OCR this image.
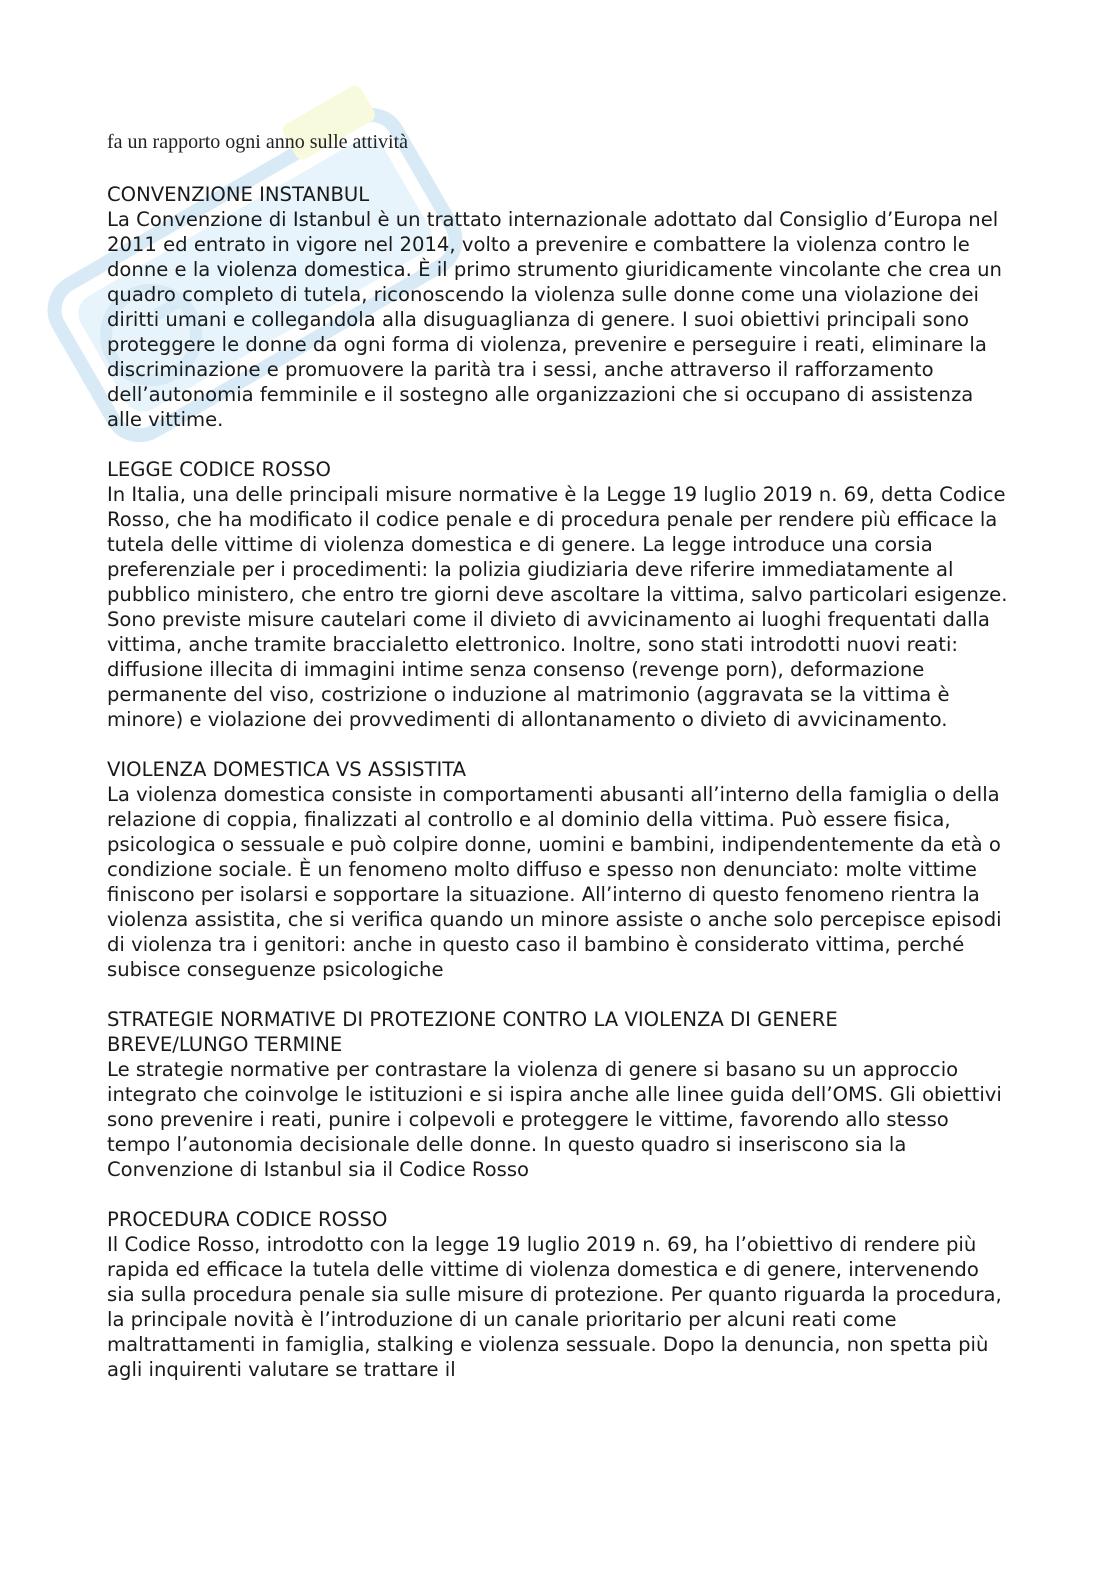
fa un rapporto ogni anno sulle attività
CONVENZIONE INSTANBUL
La Convenzione di Istanbul è un trattato internazionale adottato dal Consiglio d’Europa nel 2011 ed entrato in vigore nel 2014, volto a prevenire e combattere la violenza contro le donne e la violenza domestica. È il primo strumento giuridicamente vincolante che crea un quadro completo di tutela, riconoscendo la violenza sulle donne come una violazione dei diritti umani e collegandola alla disuguaglianza di genere. I suoi obiettivi principali sono proteggere le donne da ogni forma di violenza, prevenire e perseguire i reati, eliminare la discriminazione e promuovere la parità tra i sessi, anche attraverso il rafforzamento dell’autonomia femminile e il sostegno alle organizzazioni che si occupano di assistenza alle vittime.
LEGGE CODICE ROSSO
In Italia, una delle principali misure normative è la Legge 19 luglio 2019 n. 69, detta Codice Rosso, che ha modificato il codice penale e di procedura penale per rendere più efficace la tutela delle vittime di violenza domestica e di genere. La legge introduce una corsia preferenziale per i procedimenti: la polizia giudiziaria deve riferire immediatamente al pubblico ministero, che entro tre giorni deve ascoltare la vittima, salvo particolari esigenze. Sono previste misure cautelari come il divieto di avvicinamento ai luoghi frequentati dalla vittima, anche tramite braccialetto elettronico. Inoltre, sono stati introdotti nuovi reati: diffusione illecita di immagini intime senza consenso (revenge porn), deformazione permanente del viso, costrizione o induzione al matrimonio (aggravata se la vittima è minore) e violazione dei provvedimenti di allontanamento o divieto di avvicinamento.
VIOLENZA DOMESTICA VS ASSISTITA
La violenza domestica consiste in comportamenti abusanti all’interno della famiglia o della relazione di coppia, finalizzati al controllo e al dominio della vittima. Può essere fisica, psicologica o sessuale e può colpire donne, uomini e bambini, indipendentemente da età o condizione sociale. È un fenomeno molto diffuso e spesso non denunciato: molte vittime finiscono per isolarsi e sopportare la situazione. All’interno di questo fenomeno rientra la violenza assistita, che si verifica quando un minore assiste o anche solo percepisce episodi di violenza tra i genitori: anche in questo caso il bambino è considerato vittima, perché subisce conseguenze psicologiche
STRATEGIE NORMATIVE DI PROTEZIONE CONTRO LA VIOLENZA DI GENERE
BREVE/LUNGO TERMINE
Le strategie normative per contrastare la violenza di genere si basano su un approccio integrato che coinvolge le istituzioni e si ispira anche alle linee guida dell’OMS. Gli obiettivi sono prevenire i reati, punire i colpevoli e proteggere le vittime, favorendo allo stesso tempo l’autonomia decisionale delle donne. In questo quadro si inseriscono sia la Convenzione di Istanbul sia il Codice Rosso
PROCEDURA CODICE ROSSO
Il Codice Rosso, introdotto con la legge 19 luglio 2019 n. 69, ha l’obiettivo di rendere più rapida ed efficace la tutela delle vittime di violenza domestica e di genere, intervenendo sia sulla procedura penale sia sulle misure di protezione. Per quanto riguarda la procedura, la principale novità è l’introduzione di un canale prioritario per alcuni reati come maltrattamenti in famiglia, stalking e violenza sessuale. Dopo la denuncia, non spetta più agli inquirenti valutare se trattare il
